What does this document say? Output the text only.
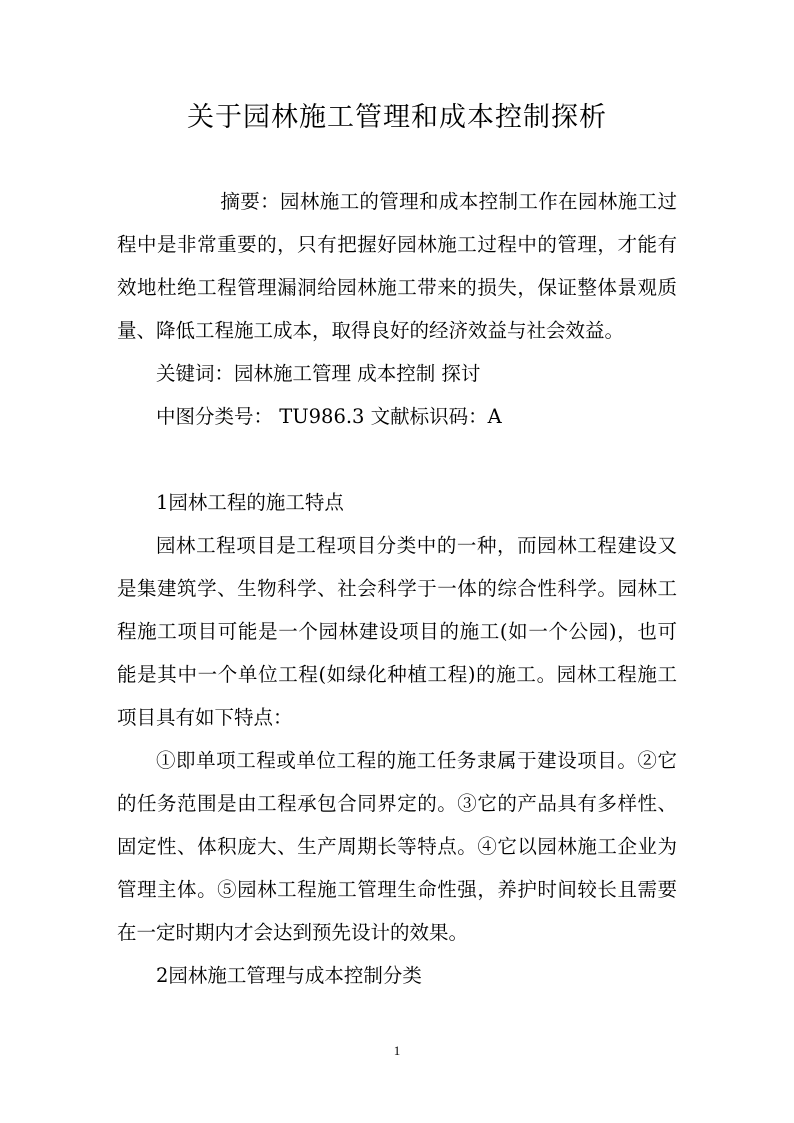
关于园林施工管理和成本控制探析

摘要：园林施工的管理和成本控制工作在园林施工过程中是非常重要的，只有把握好园林施工过程中的管理，才能有效地杜绝工程管理漏洞给园林施工带来的损失，保证整体景观质量、降低工程施工成本，取得良好的经济效益与社会效益。

关键词：园林施工管理 成本控制 探讨

中图分类号： TU986.3 文献标识码：A

1园林工程的施工特点

园林工程项目是工程项目分类中的一种，而园林工程建设又是集建筑学、生物科学、社会科学于一体的综合性科学。园林工程施工项目可能是一个园林建设项目的施工(如一个公园)，也可能是其中一个单位工程(如绿化种植工程)的施工。园林工程施工项目具有如下特点：

①即单项工程或单位工程的施工任务隶属于建设项目。②它的任务范围是由工程承包合同界定的。③它的产品具有多样性、固定性、体积庞大、生产周期长等特点。④它以园林施工企业为管理主体。⑤园林工程施工管理生命性强，养护时间较长且需要在一定时期内才会达到预先设计的效果。

2园林施工管理与成本控制分类

1
